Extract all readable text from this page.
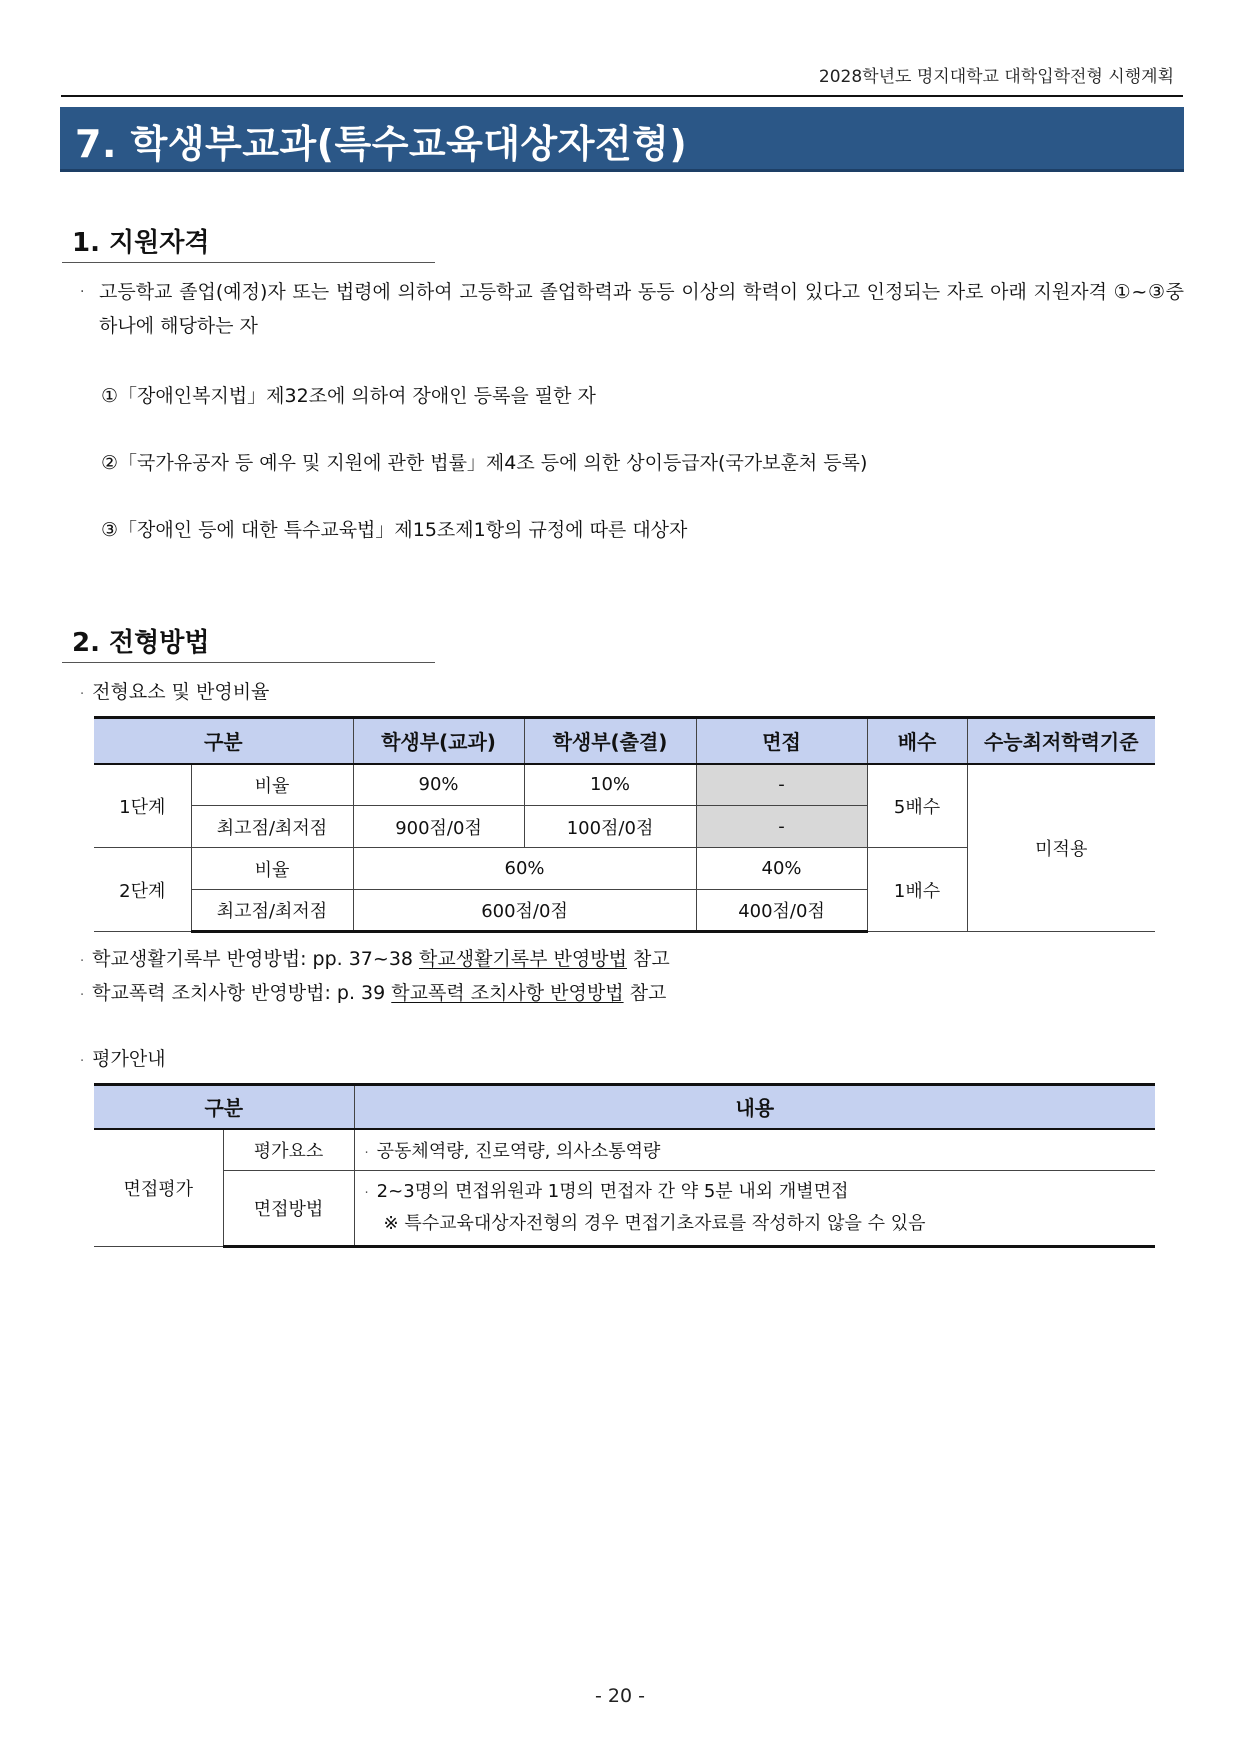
2028학년도 명지대학교 대학입학전형 시행계획
7. 학생부교과(특수교육대상자전형)
1. 지원자격
· 고등학교 졸업(예정)자 또는 법령에 의하여 고등학교 졸업학력과 동등 이상의 학력이 있다고 인정되는 자로 아래 지원자격 ①~③중 하나에 해당하는 자
①「장애인복지법」제32조에 의하여 장애인 등록을 필한 자
②「국가유공자 등 예우 및 지원에 관한 법률」제4조 등에 의한 상이등급자(국가보훈처 등록)
③「장애인 등에 대한 특수교육법」제15조제1항의 규정에 따른 대상자
2. 전형방법
· 전형요소 및 반영비율
구분		학생부(교과)	학생부(출결)	면접	배수	수능최저학력기준
1단계	비율	90%	10%	-	5배수	미적용
	최고점/최저점	900점/0점	100점/0점	-		
2단계	비율	60%		40%	1배수	
	최고점/최저점	600점/0점		400점/0점		
· 학교생활기록부 반영방법: pp. 37~38 학교생활기록부 반영방법 참고
· 학교폭력 조치사항 반영방법: p. 39 학교폭력 조치사항 반영방법 참고
· 평가안내
구분		내용
면접평가	평가요소	· 공동체역량, 진로역량, 의사소통역량
	면접방법	· 2~3명의 면접위원과 1명의 면접자 간 약 5분 내외 개별면접
※ 특수교육대상자전형의 경우 면접기초자료를 작성하지 않을 수 있음
- 20 -
